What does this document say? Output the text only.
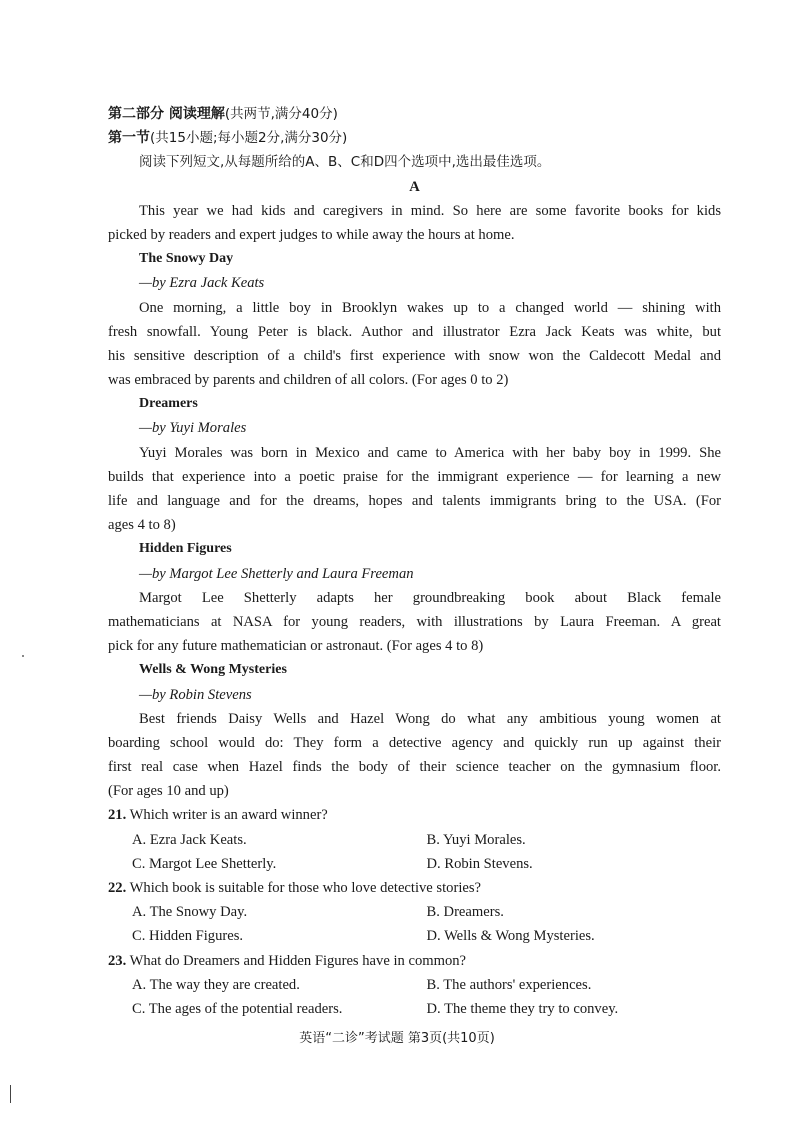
第二部分 阅读理解(共两节,满分40分)
第一节(共15小题;每小题2分,满分30分)
阅读下列短文,从每题所给的A、B、C和D四个选项中,选出最佳选项。
A
This year we had kids and caregivers in mind. So here are some favorite books for kids
picked by readers and expert judges to while away the hours at home.
The Snowy Day
—by Ezra Jack Keats
One morning, a little boy in Brooklyn wakes up to a changed world — shining with
fresh snowfall. Young Peter is black. Author and illustrator Ezra Jack Keats was white, but
his sensitive description of a child's first experience with snow won the Caldecott Medal and
was embraced by parents and children of all colors. (For ages 0 to 2)
Dreamers
—by Yuyi Morales
Yuyi Morales was born in Mexico and came to America with her baby boy in 1999. She
builds that experience into a poetic praise for the immigrant experience — for learning a new
life and language and for the dreams, hopes and talents immigrants bring to the USA. (For
ages 4 to 8)
Hidden Figures
—by Margot Lee Shetterly and Laura Freeman
Margot Lee Shetterly adapts her groundbreaking book about Black female
mathematicians at NASA for young readers, with illustrations by Laura Freeman. A great
pick for any future mathematician or astronaut. (For ages 4 to 8)
Wells & Wong Mysteries
—by Robin Stevens
Best friends Daisy Wells and Hazel Wong do what any ambitious young women at
boarding school would do: They form a detective agency and quickly run up against their
first real case when Hazel finds the body of their science teacher on the gymnasium floor.
(For ages 10 and up)
21. Which writer is an award winner?
A. Ezra Jack Keats.	B. Yuyi Morales.
C. Margot Lee Shetterly.	D. Robin Stevens.
22. Which book is suitable for those who love detective stories?
A. The Snowy Day.	B. Dreamers.
C. Hidden Figures.	D. Wells & Wong Mysteries.
23. What do Dreamers and Hidden Figures have in common?
A. The way they are created.	B. The authors' experiences.
C. The ages of the potential readers.	D. The theme they try to convey.
英语“二诊”考试题 第3页(共10页)
